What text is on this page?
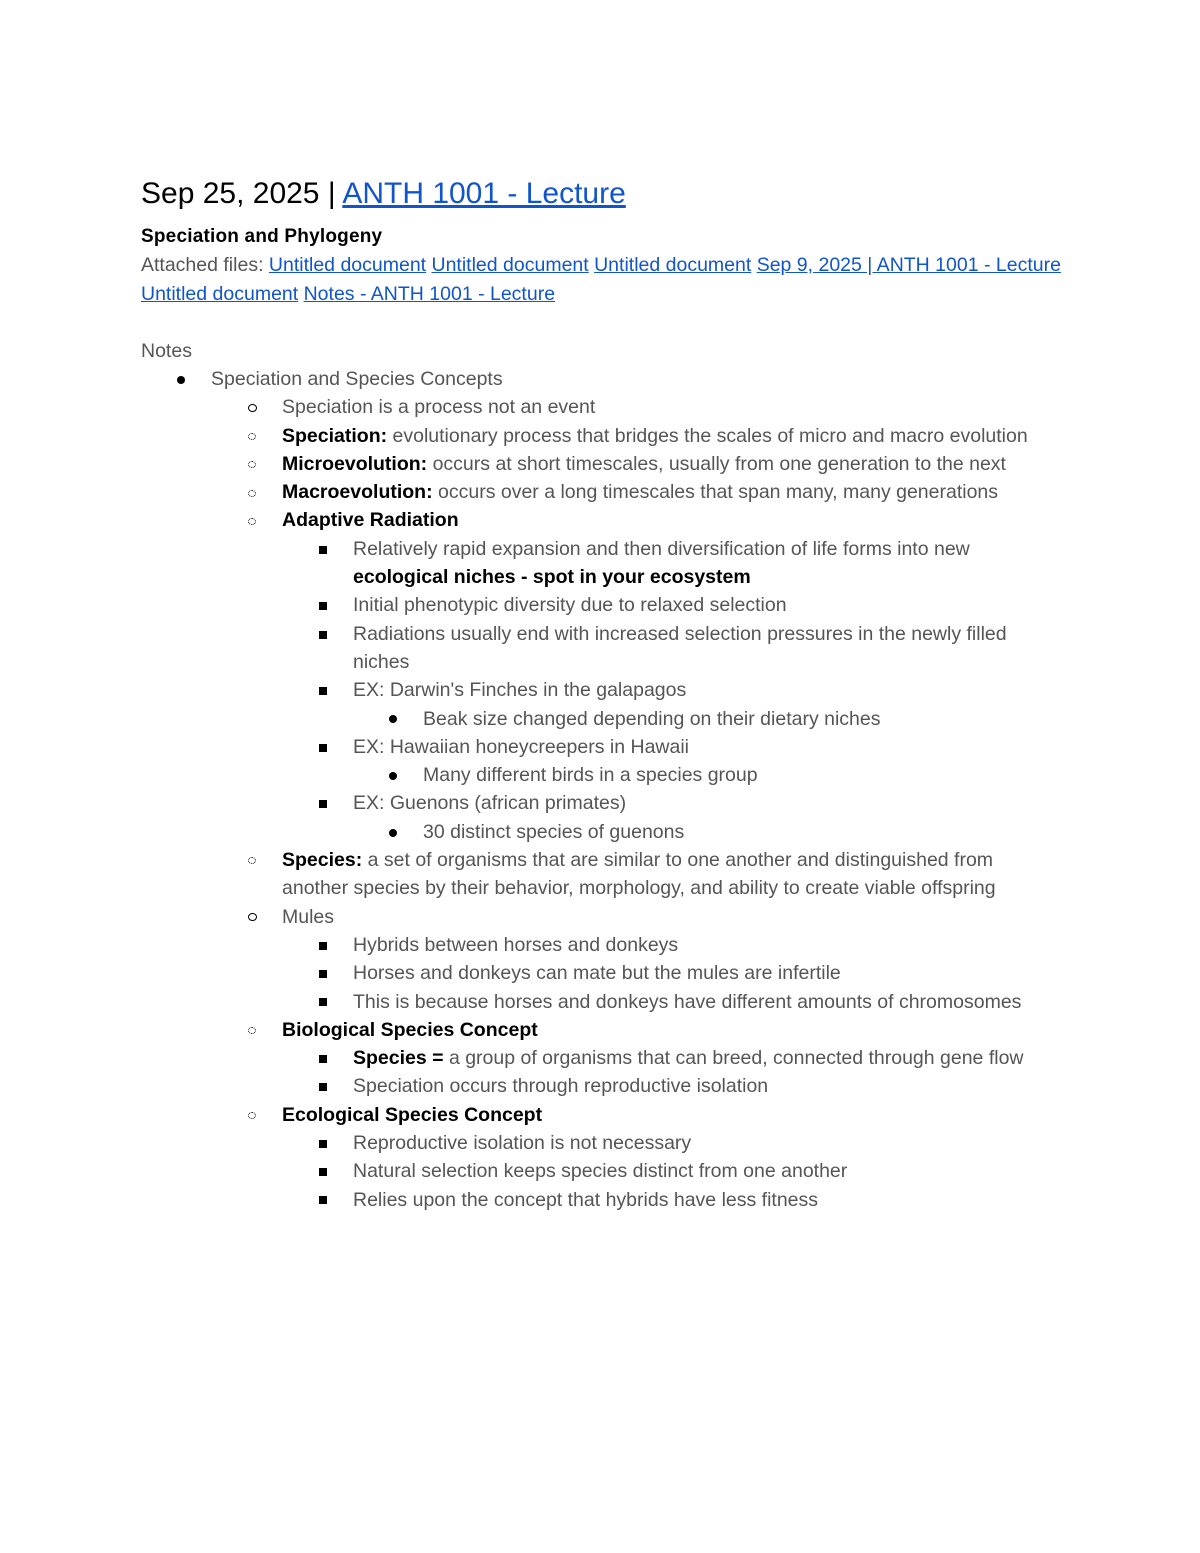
Sep 25, 2025 | ANTH 1001 - Lecture
Speciation and Phylogeny
Attached files: Untitled document Untitled document Untitled document Sep 9, 2025 | ANTH 1001 - Lecture Untitled document Notes - ANTH 1001 - Lecture
Notes
Speciation and Species Concepts
Speciation is a process not an event
Speciation: evolutionary process that bridges the scales of micro and macro evolution
Microevolution: occurs at short timescales, usually from one generation to the next
Macroevolution: occurs over a long timescales that span many, many generations
Adaptive Radiation
Relatively rapid expansion and then diversification of life forms into new ecological niches - spot in your ecosystem
Initial phenotypic diversity due to relaxed selection
Radiations usually end with increased selection pressures in the newly filled niches
EX: Darwin's Finches in the galapagos
Beak size changed depending on their dietary niches
EX: Hawaiian honeycreepers in Hawaii
Many different birds in a species group
EX: Guenons (african primates)
30 distinct species of guenons
Species: a set of organisms that are similar to one another and distinguished from another species by their behavior, morphology, and ability to create viable offspring
Mules
Hybrids between horses and donkeys
Horses and donkeys can mate but the mules are infertile
This is because horses and donkeys have different amounts of chromosomes
Biological Species Concept
Species = a group of organisms that can breed, connected through gene flow
Speciation occurs through reproductive isolation
Ecological Species Concept
Reproductive isolation is not necessary
Natural selection keeps species distinct from one another
Relies upon the concept that hybrids have less fitness
